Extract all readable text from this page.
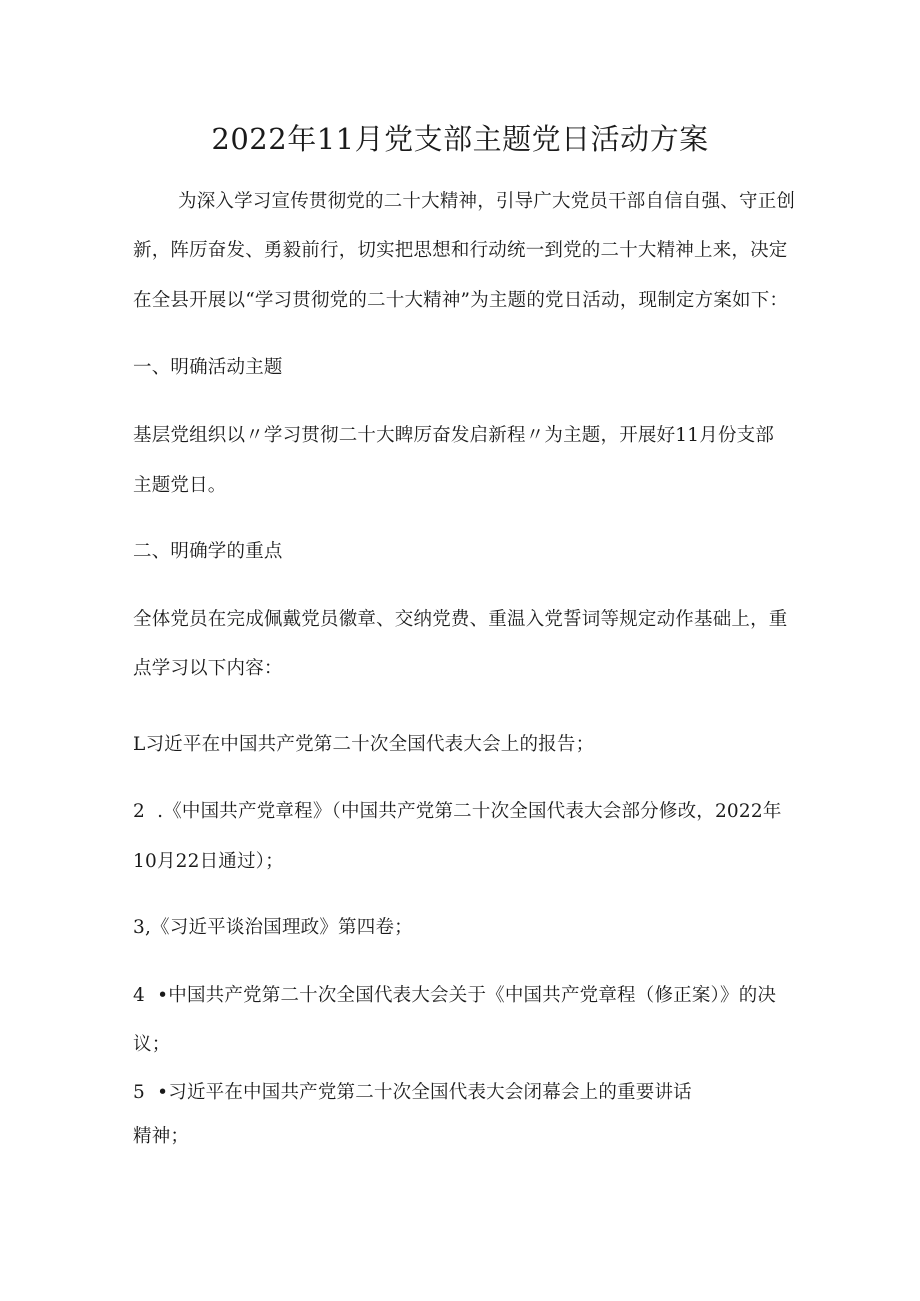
2022年11月党支部主题党日活动方案
为深入学习宣传贯彻党的二十大精神，引导广大党员干部自信自强、守正创
新，阵厉奋发、勇毅前行，切实把思想和行动统一到党的二十大精神上来，决定
在全县开展以“学习贯彻党的二十大精神”为主题的党日活动，现制定方案如下：
一、明确活动主题
基层党组织以〃学习贯彻二十大睥厉奋发启新程〃为主题，开展好11月份支部
主题党日。
二、明确学的重点
全体党员在完成佩戴党员徽章、交纳党费、重温入党誓词等规定动作基础上，重
点学习以下内容：
L习近平在中国共产党第二十次全国代表大会上的报告；
2  .《中国共产党章程》（中国共产党第二十次全国代表大会部分修改，2022年
10月22日通过）；
3,《习近平谈治国理政》第四卷；
4  •中国共产党第二十次全国代表大会关于《中国共产党章程（修正案）》的决
议；
5  •习近平在中国共产党第二十次全国代表大会闭幕会上的重要讲话
精神；
